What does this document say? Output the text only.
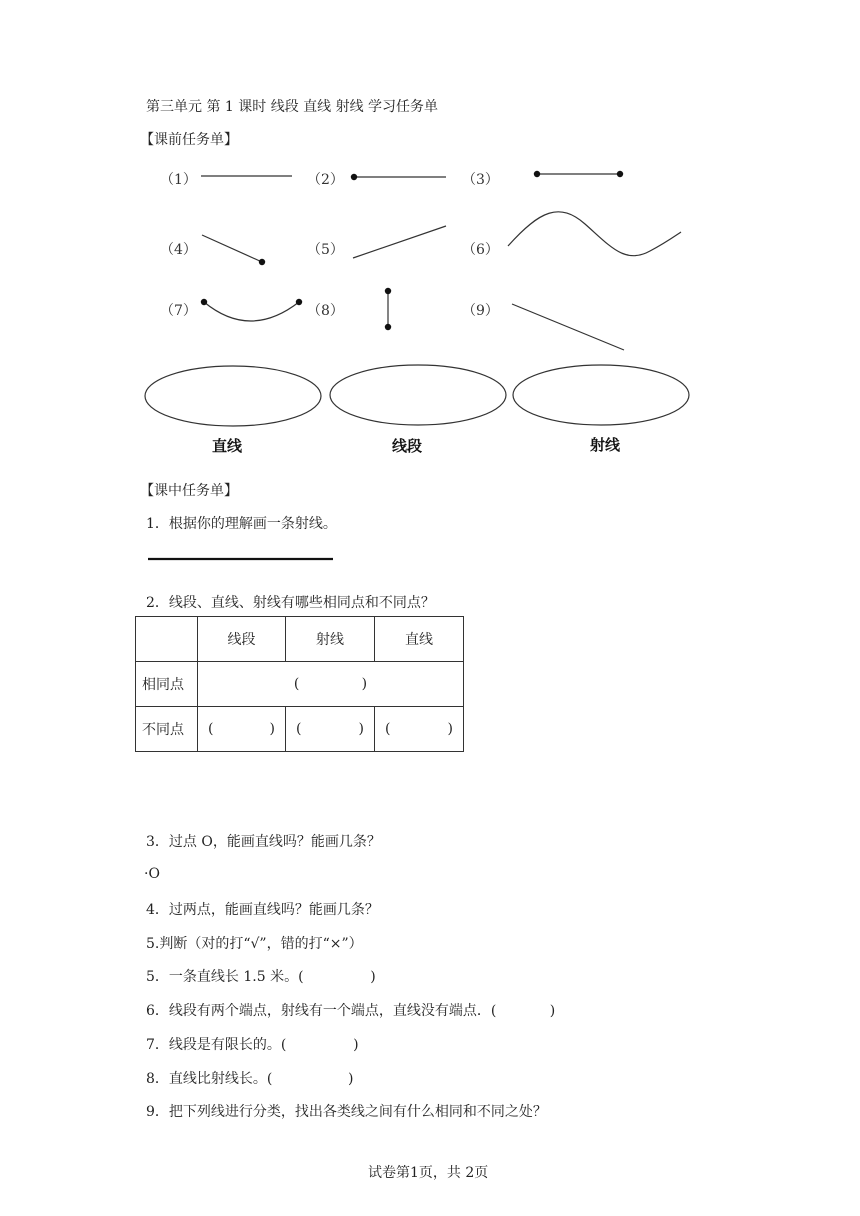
第三单元 第 1 课时 线段 直线 射线 学习任务单
【课前任务单】
（1）	（2）	（3）
（4）	（5）	（6）
（7）	（8）	（9）
直线	线段	射线
【课中任务单】
1．根据你的理解画一条射线。
2．线段、直线、射线有哪些相同点和不同点？
	线段	射线	直线
相同点	(              )		
不同点	( )	( )	( )
3．过点 O，能画直线吗？能画几条？
·O
4．过两点，能画直线吗？能画几条？
5.判断（对的打“√”，错的打“×”）
5．一条直线长 1.5 米。(               )
6．线段有两个端点，射线有一个端点，直线没有端点．(            )
7．线段是有限长的。(               )
8．直线比射线长。(                 )
9．把下列线进行分类，找出各类线之间有什么相同和不同之处？
试卷第1页，共 2页
